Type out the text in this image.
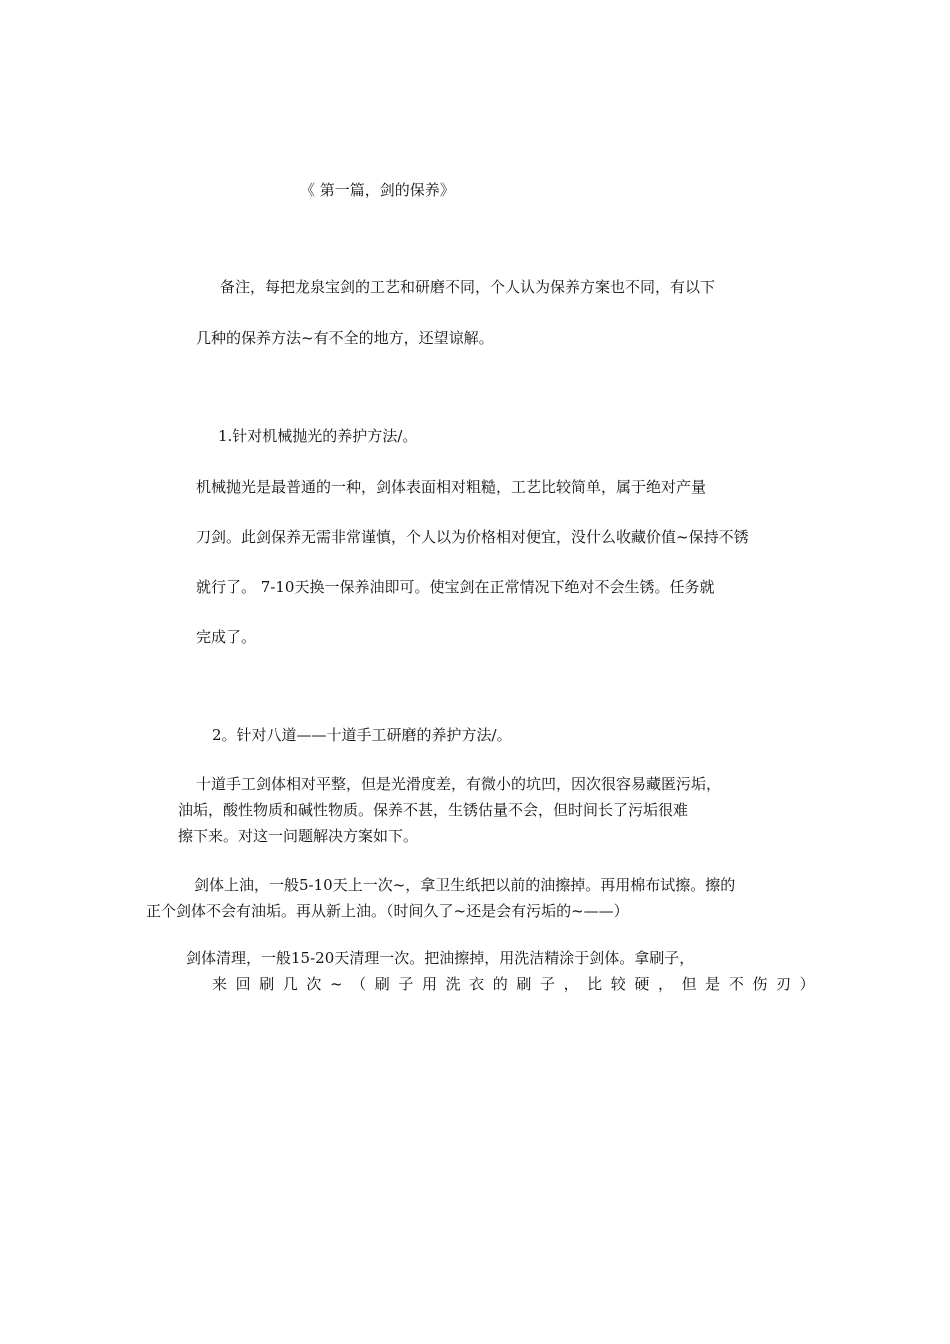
《 第一篇，剑的保养》
备注，每把龙泉宝剑的工艺和研磨不同，个人认为保养方案也不同，有以下
几种的保养方法~有不全的地方，还望谅解。
1.针对机械抛光的养护方法/。
机械抛光是最普通的一种，剑体表面相对粗糙，工艺比较简单，属于绝对产量
刀剑。此剑保养无需非常谨慎，个人以为价格相对便宜，没什么收藏价值~保持不锈
就行了。 7-10天换一保养油即可。使宝剑在正常情况下绝对不会生锈。任务就
完成了。
2。针对八道——十道手工研磨的养护方法/。
十道手工剑体相对平整，但是光滑度差，有微小的坑凹，因次很容易藏匿污垢，
油垢，酸性物质和碱性物质。保养不甚，生锈估量不会，但时间长了污垢很难
擦下来。对这一问题解决方案如下。
剑体上油，一般5-10天上一次~，拿卫生纸把以前的油擦掉。再用棉布试擦。擦的
正个剑体不会有油垢。再从新上油。（时间久了~还是会有污垢的~——）
剑体清理，一般15-20天清理一次。把油擦掉，用洗洁精涂于剑体。拿刷子，
来回刷几次~（刷子用洗衣的刷子，比较硬，但是不伤刃）
